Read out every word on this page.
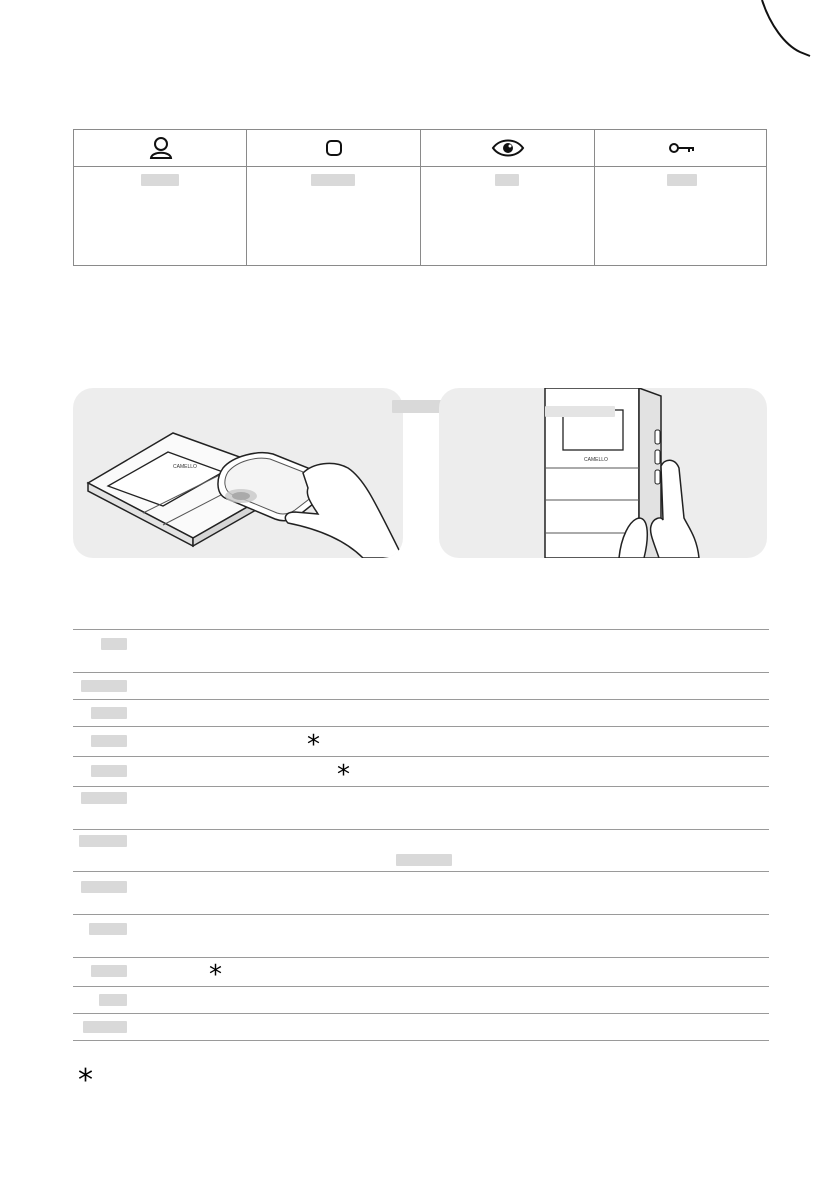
CAMELLO
CAMELLO
*
*
*
*
